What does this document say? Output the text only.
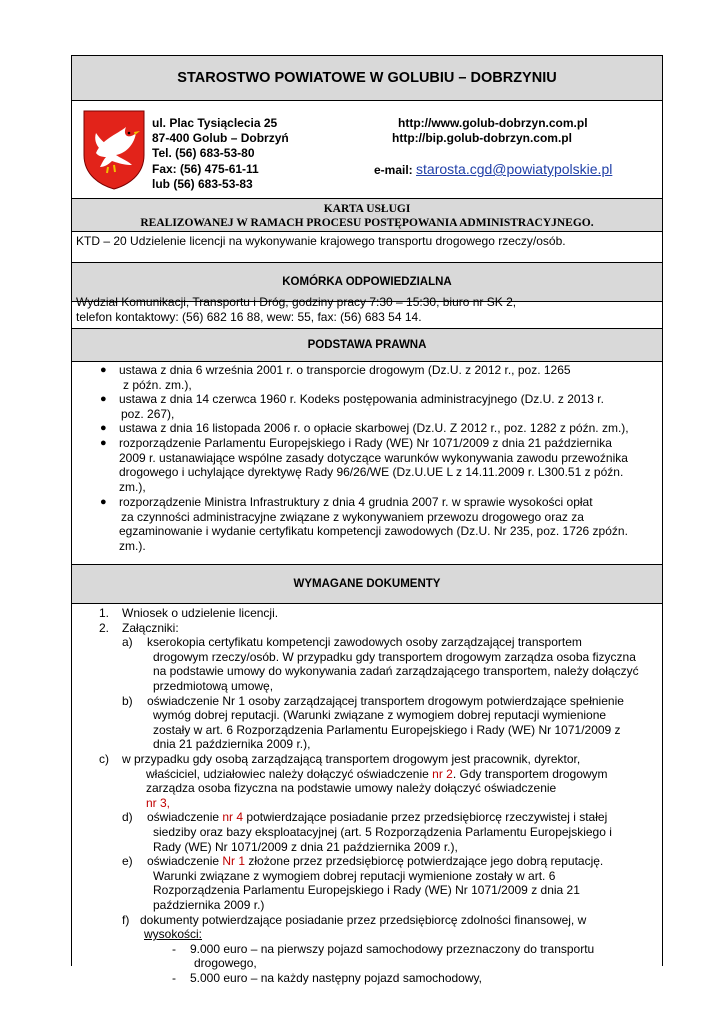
STAROSTWO POWIATOWE W GOLUBIU – DOBRZYNIU
ul. Plac Tysiąclecia 25
87-400 Golub – Dobrzyń
Tel. (56) 683-53-80
Fax: (56) 475-61-11
lub (56) 683-53-83
http://www.golub-dobrzyn.com.pl
http://bip.golub-dobrzyn.com.pl
e-mail: starosta.cgd@powiatypolskie.pl
KARTA USŁUGI
REALIZOWANEJ W RAMACH PROCESU POSTĘPOWANIA ADMINISTRACYJNEGO.
KTD – 20 Udzielenie licencji na wykonywanie krajowego transportu drogowego rzeczy/osób.
KOMÓRKA ODPOWIEDZIALNA
Wydział Komunikacji, Transportu i Dróg, godziny pracy 7:30 – 15:30, biuro nr SK 2,
telefon kontaktowy: (56) 682 16 88, wew: 55, fax: (56) 683 54 14.
PODSTAWA PRAWNA
● ustawa z dnia 6 września 2001 r. o transporcie drogowym (Dz.U. z 2012 r., poz. 1265
z późn. zm.),
● ustawa z dnia 14 czerwca 1960 r. Kodeks postępowania administracyjnego (Dz.U. z 2013 r.
poz. 267),
● ustawa z dnia 16 listopada 2006 r. o opłacie skarbowej (Dz.U. Z 2012 r., poz. 1282 z późn. zm.),
● rozporządzenie Parlamentu Europejskiego i Rady (WE) Nr 1071/2009 z dnia 21 października
2009 r. ustanawiające wspólne zasady dotyczące warunków wykonywania zawodu przewoźnika
drogowego i uchylające dyrektywę Rady 96/26/WE (Dz.U.UE L z 14.11.2009 r. L300.51 z późn.
zm.),
● rozporządzenie Ministra Infrastruktury z dnia 4 grudnia 2007 r. w sprawie wysokości opłat
za czynności administracyjne związane z wykonywaniem przewozu drogowego oraz za
egzaminowanie i wydanie certyfikatu kompetencji zawodowych (Dz.U. Nr 235, poz. 1726 zpóźn.
zm.).
WYMAGANE DOKUMENTY
1. Wniosek o udzielenie licencji.
2. Załączniki:
a) kserokopia certyfikatu kompetencji zawodowych osoby zarządzającej transportem
drogowym rzeczy/osób. W przypadku gdy transportem drogowym zarządza osoba fizyczna
na podstawie umowy do wykonywania zadań zarządzającego transportem, należy dołączyć
przedmiotową umowę,
b) oświadczenie Nr 1 osoby zarządzającej transportem drogowym potwierdzające spełnienie
wymóg dobrej reputacji. (Warunki związane z wymogiem dobrej reputacji wymienione
zostały w art. 6 Rozporządzenia Parlamentu Europejskiego i Rady (WE) Nr 1071/2009 z
dnia 21 października 2009 r.),
c) w przypadku gdy osobą zarządzającą transportem drogowym jest pracownik, dyrektor,
właściciel, udziałowiec należy dołączyć oświadczenie nr 2. Gdy transportem drogowym
zarządza osoba fizyczna na podstawie umowy należy dołączyć oświadczenie
nr 3,
d) oświadczenie nr 4 potwierdzające posiadanie przez przedsiębiorcę rzeczywistej i stałej
siedziby oraz bazy eksploatacyjnej (art. 5 Rozporządzenia Parlamentu Europejskiego i
Rady (WE) Nr 1071/2009 z dnia 21 października 2009 r.),
e) oświadczenie Nr 1 złożone przez przedsiębiorcę potwierdzające jego dobrą reputację.
Warunki związane z wymogiem dobrej reputacji wymienione zostały w art. 6
Rozporządzenia Parlamentu Europejskiego i Rady (WE) Nr 1071/2009 z dnia 21
października 2009 r.)
f) dokumenty potwierdzające posiadanie przez przedsiębiorcę zdolności finansowej, w
wysokości:
- 9.000 euro – na pierwszy pojazd samochodowy przeznaczony do transportu
drogowego,
- 5.000 euro – na każdy następny pojazd samochodowy,
